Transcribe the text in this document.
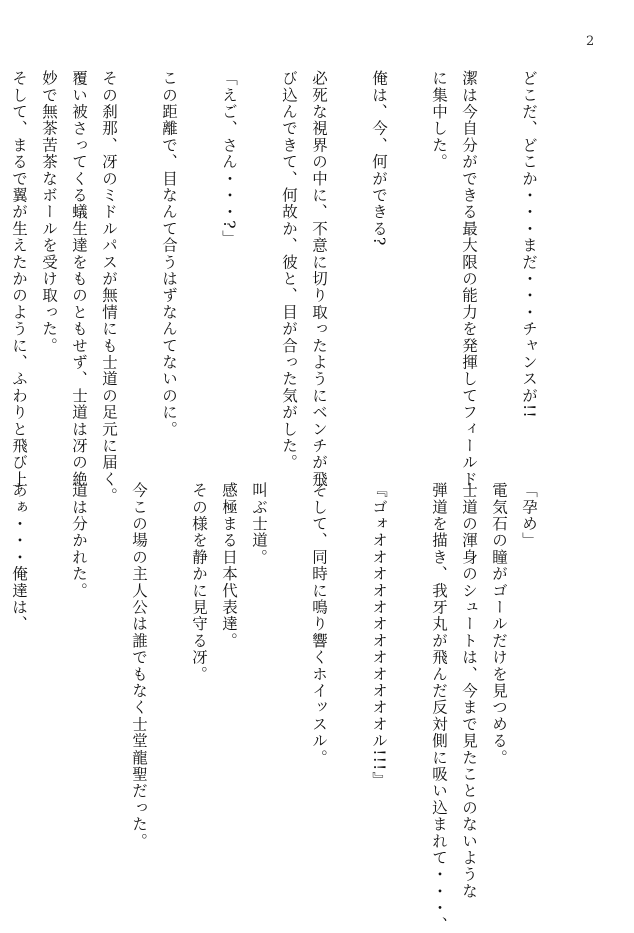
2

どこだ、どこか・・・まだ・・・チャンスが!!

潔は今自分ができる最大限の能力を発揮してフィールド

に集中した。

俺は、今、何ができる?

必死な視界の中に、不意に切り取ったようにベンチが飛

び込んできて、何故か、彼と、目が合った気がした。

「えご、さん・・・?」

この距離で、目なんて合うはずなんてないのに。

その刹那、冴のミドルパスが無情にも士道の足元に届く。

覆い被さってくる蟻生達をものともせず、士道は冴の絶

妙で無茶苦茶なボールを受け取った。

そして、まるで翼が生えたかのように、ふわりと飛び上

「孕め」

電気石の瞳がゴールだけを見つめる。

士道の渾身のシュートは、今まで見たことのないような

弾道を描き、我牙丸が飛んだ反対側に吸い込まれて・・・、

『ゴォオオオオオオオオオオオオル!!!』

そして、同時に鳴り響くホイッスル。

叫ぶ士道。

感極まる日本代表達。

その様を静かに見守る冴。

今この場の主人公は誰でもなく士堂龍聖だった。

道は分かれた。

あぁ・・・俺達は、
